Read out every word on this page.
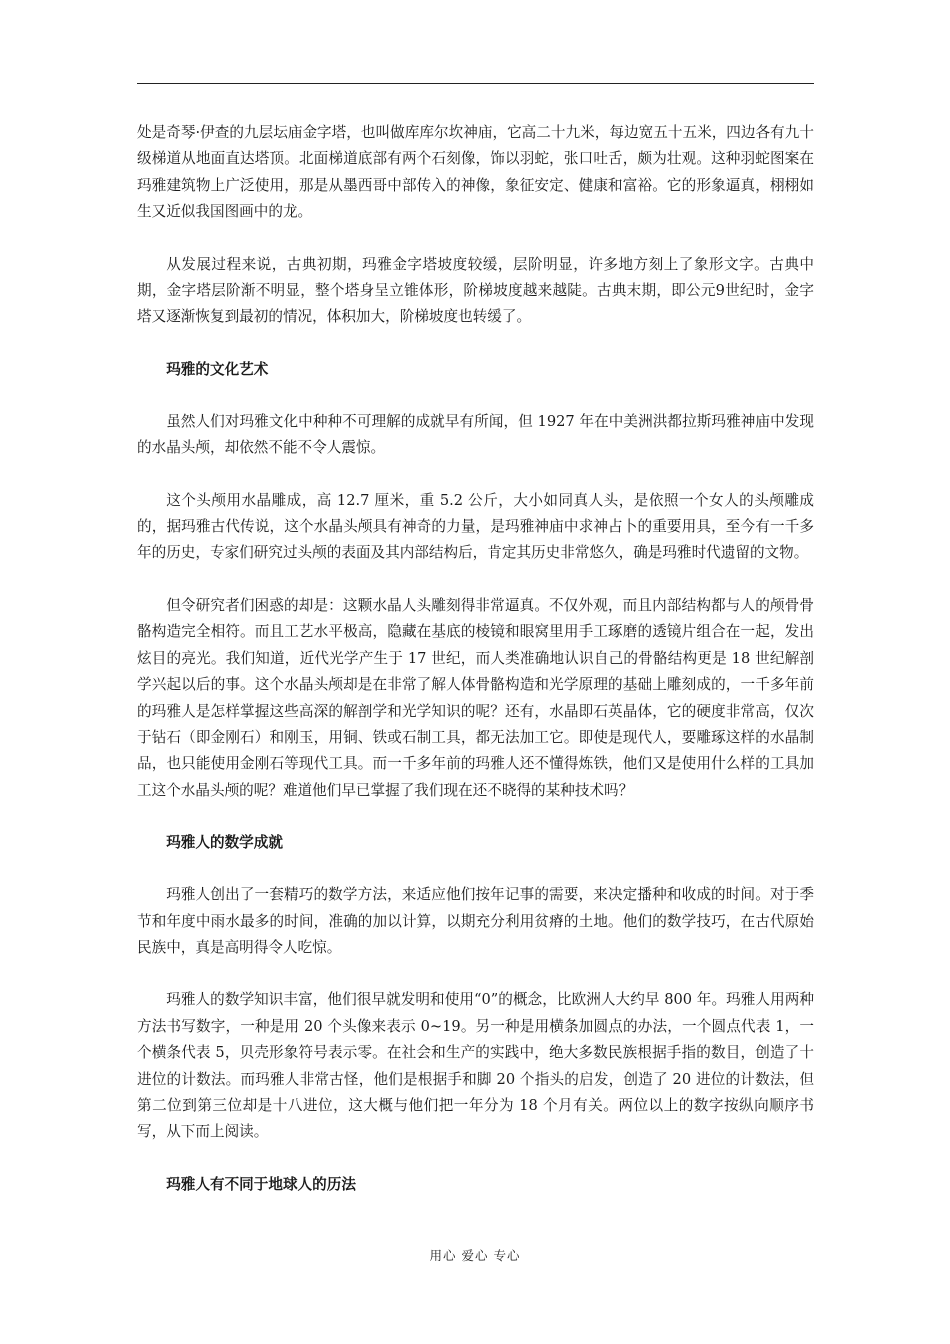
处是奇琴·伊查的九层坛庙金字塔，也叫做库库尔坎神庙，它高二十九米，每边宽五十五米，四边各有九十级梯道从地面直达塔顶。北面梯道底部有两个石刻像，饰以羽蛇，张口吐舌，颇为壮观。这种羽蛇图案在玛雅建筑物上广泛使用，那是从墨西哥中部传入的神像，象征安定、健康和富裕。它的形象逼真，栩栩如生又近似我国图画中的龙。

从发展过程来说，古典初期，玛雅金字塔坡度较缓，层阶明显，许多地方刻上了象形文字。古典中期，金字塔层阶渐不明显，整个塔身呈立锥体形，阶梯坡度越来越陡。古典末期，即公元9世纪时，金字塔又逐渐恢复到最初的情况，体积加大，阶梯坡度也转缓了。

玛雅的文化艺术

虽然人们对玛雅文化中种种不可理解的成就早有所闻，但 1927 年在中美洲洪都拉斯玛雅神庙中发现的水晶头颅，却依然不能不令人震惊。

这个头颅用水晶雕成，高 12.7 厘米，重 5.2 公斤，大小如同真人头，是依照一个女人的头颅雕成的，据玛雅古代传说，这个水晶头颅具有神奇的力量，是玛雅神庙中求神占卜的重要用具，至今有一千多年的历史，专家们研究过头颅的表面及其内部结构后，肯定其历史非常悠久，确是玛雅时代遗留的文物。

但令研究者们困惑的却是：这颗水晶人头雕刻得非常逼真。不仅外观，而且内部结构都与人的颅骨骨骼构造完全相符。而且工艺水平极高，隐藏在基底的棱镜和眼窝里用手工琢磨的透镜片组合在一起，发出炫目的亮光。我们知道，近代光学产生于 17 世纪，而人类准确地认识自己的骨骼结构更是 18 世纪解剖学兴起以后的事。这个水晶头颅却是在非常了解人体骨骼构造和光学原理的基础上雕刻成的，一千多年前的玛雅人是怎样掌握这些高深的解剖学和光学知识的呢？还有，水晶即石英晶体，它的硬度非常高，仅次于钻石（即金刚石）和刚玉，用铜、铁或石制工具，都无法加工它。即使是现代人，要雕琢这样的水晶制品，也只能使用金刚石等现代工具。而一千多年前的玛雅人还不懂得炼铁，他们又是使用什么样的工具加工这个水晶头颅的呢？难道他们早已掌握了我们现在还不晓得的某种技术吗？

玛雅人的数学成就

玛雅人创出了一套精巧的数学方法，来适应他们按年记事的需要，来决定播种和收成的时间。对于季节和年度中雨水最多的时间，准确的加以计算，以期充分利用贫瘠的土地。他们的数学技巧，在古代原始民族中，真是高明得令人吃惊。

玛雅人的数学知识丰富，他们很早就发明和使用“0”的概念，比欧洲人大约早 800 年。玛雅人用两种方法书写数字，一种是用 20 个头像来表示 0~19。另一种是用横条加圆点的办法，一个圆点代表 1，一个横条代表 5，贝壳形象符号表示零。在社会和生产的实践中，绝大多数民族根据手指的数目，创造了十进位的计数法。而玛雅人非常古怪，他们是根据手和脚 20 个指头的启发，创造了 20 进位的计数法，但第二位到第三位却是十八进位，这大概与他们把一年分为 18 个月有关。两位以上的数字按纵向顺序书写，从下而上阅读。

玛雅人有不同于地球人的历法

用心 爱心 专心
